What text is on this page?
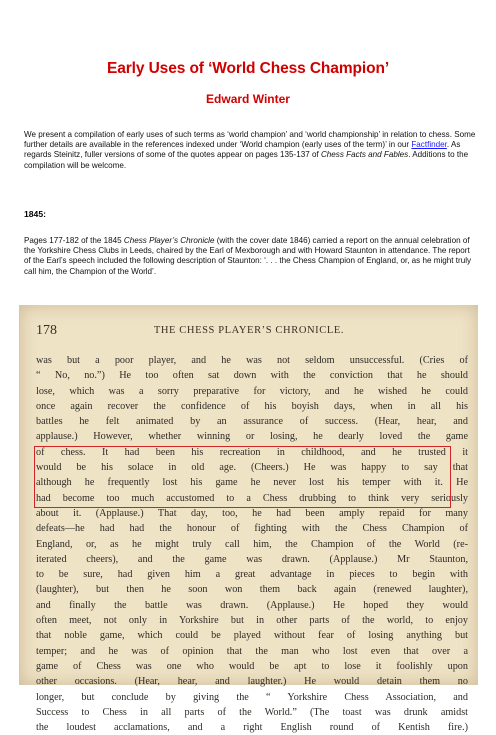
Early Uses of ‘World Chess Champion’
Edward Winter
We present a compilation of early uses of such terms as ‘world champion’ and ‘world championship’ in relation to chess. Some further details are available in the references indexed under ‘World champion (early uses of the term)’ in our Factfinder. As regards Steinitz, fuller versions of some of the quotes appear on pages 135-137 of Chess Facts and Fables. Additions to the compilation will be welcome.
1845:
Pages 177-182 of the 1845 Chess Player’s Chronicle (with the cover date 1846) carried a report on the annual celebration of the Yorkshire Chess Clubs in Leeds, chaired by the Earl of Mexborough and with Howard Staunton in attendance. The report of the Earl’s speech included the following description of Staunton: ‘. . . the Chess Champion of England, or, as he might truly call him, the Champion of the World’.
178	THE CHESS PLAYER’S CHRONICLE.
was but a poor player, and he was not seldom unsuccessful. (Cries of
“ No, no.”) He too often sat down with the conviction that he should
lose, which was a sorry preparative for victory, and he wished he could
once again recover the confidence of his boyish days, when in all his
battles he felt animated by an assurance of success. (Hear, hear, and
applause.) However, whether winning or losing, he dearly loved the game
of chess. It had been his recreation in childhood, and he trusted it
would be his solace in old age. (Cheers.) He was happy to say that
although he frequently lost his game he never lost his temper with it. He
had become too much accustomed to a Chess drubbing to think very seriously
about it. (Applause.) That day, too, he had been amply repaid for many
defeats—he had had the honour of fighting with the Chess Champion of
England, or, as he might truly call him, the Champion of the World (re-
iterated cheers), and the game was drawn. (Applause.) Mr Staunton,
to be sure, had given him a great advantage in pieces to begin with
(laughter), but then he soon won them back again (renewed laughter),
and finally the battle was drawn. (Applause.) He hoped they would
often meet, not only in Yorkshire but in other parts of the world, to enjoy
that noble game, which could be played without fear of losing anything but
temper; and he was of opinion that the man who lost even that over a
game of Chess was one who would be apt to lose it foolishly upon
other occasions. (Hear, hear, and laughter.) He would detain them no
longer, but conclude by giving the “ Yorkshire Chess Association, and
Success to Chess in all parts of the World.” (The toast was drunk amidst
the loudest acclamations, and a right English round of Kentish fire.)
